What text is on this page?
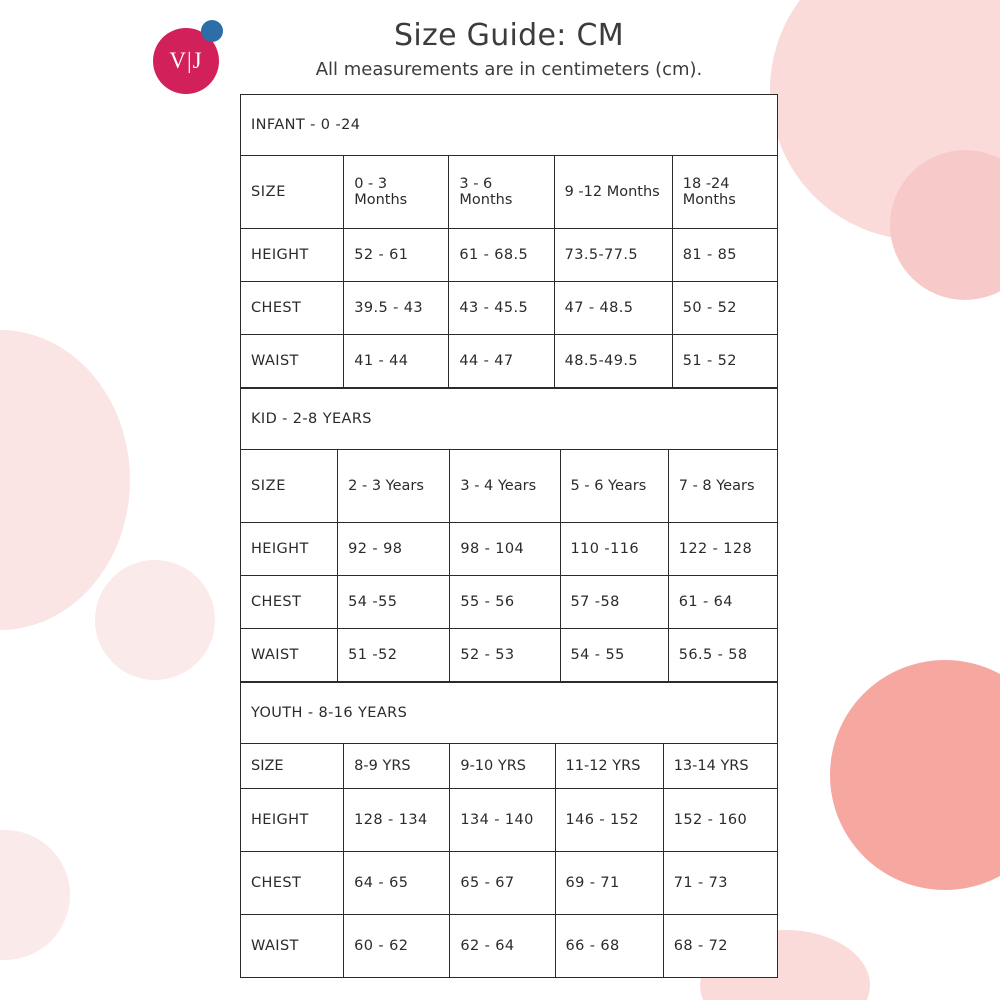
V|J
Size Guide: CM

All measurements are in centimeters (cm).

INFANT - 0 -24				
SIZE	0 - 3 Months	3 - 6 Months	9 -12 Months	18 -24 Months
HEIGHT	52 - 61	61 - 68.5	73.5-77.5	81 - 85
CHEST	39.5 - 43	43 - 45.5	47 - 48.5	50 - 52
WAIST	41 - 44	44 - 47	48.5-49.5	51 - 52
KID - 2-8 YEARS				
SIZE	2 - 3 Years	3 - 4 Years	5 - 6 Years	7 - 8 Years
HEIGHT	92 - 98	98 - 104	110 -116	122 - 128
CHEST	54 -55	55 - 56	57 -58	61 - 64
WAIST	51 -52	52 - 53	54 - 55	56.5 - 58
YOUTH - 8-16 YEARS				
SIZE	8-9 YRS	9-10 YRS	11-12 YRS	13-14 YRS
HEIGHT	128 - 134	134 - 140	146 - 152	152 - 160
CHEST	64 - 65	65 - 67	69 - 71	71 - 73
WAIST	60 - 62	62 - 64	66 - 68	68 - 72
